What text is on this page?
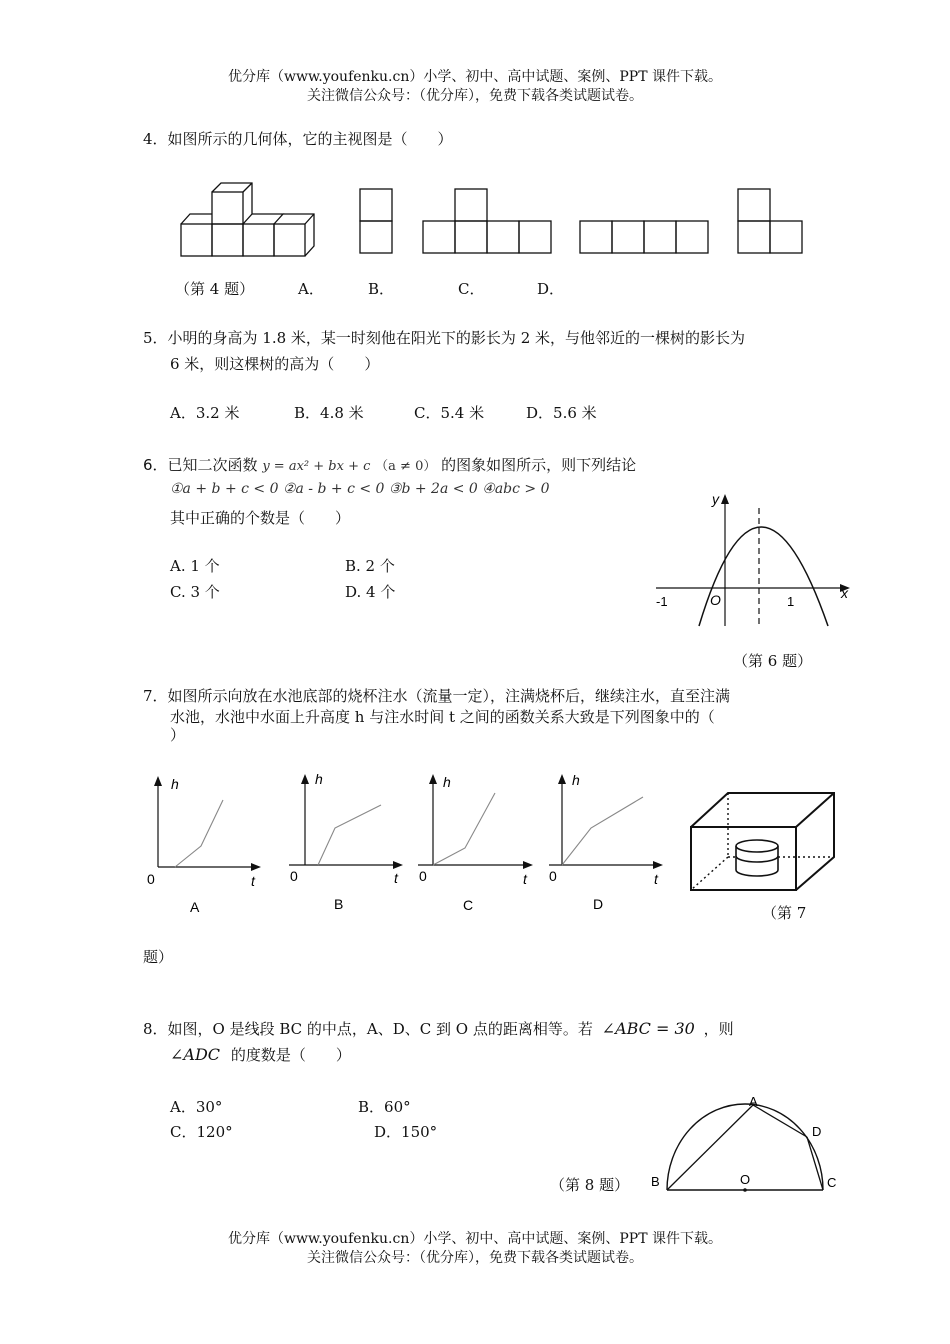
优分库（www.youfenku.cn）小学、初中、高中试题、案例、PPT 课件下载。
关注微信公众号：（优分库），免费下载各类试题试卷。
4．如图所示的几何体，它的主视图是（　　）
（第 4 题）	A．	B．	C．	D．
5．小明的身高为 1.8 米，某一时刻他在阳光下的影长为 2 米，与他邻近的一棵树的影长为
6 米，则这棵树的高为（　　）
A．3.2 米	B．4.8 米	C．5.4 米	D．5.6 米
6．已知二次函数 y = ax² + bx + c （a ≠ 0） 的图象如图所示，则下列结论
①a + b + c < 0 ②a - b + c < 0 ③b + 2a < 0 ④abc > 0
其中正确的个数是（　　）
A. 1 个	B. 2 个
C. 3 个	D. 4 个
y
x
O
-1	1
（第 6 题）
7．如图所示向放在水池底部的烧杯注水（流量一定），注满烧杯后，继续注水，直至注满
水池，水池中水面上升高度 h 与注水时间 t 之间的函数关系大致是下列图象中的（
）
h
0	t
A
h
0	t
B
h
0	t
C
h
0	t
D	（第 7
题）
8．如图，O 是线段 BC 的中点，A、D、C 到 O 点的距离相等。若 ∠ABC = 30 ，则
∠ADC 的度数是（　　）
A．30°	B．60°
C．120°	D．150°
A
B	C
D
O
（第 8 题）
优分库（www.youfenku.cn）小学、初中、高中试题、案例、PPT 课件下载。
关注微信公众号：（优分库），免费下载各类试题试卷。
